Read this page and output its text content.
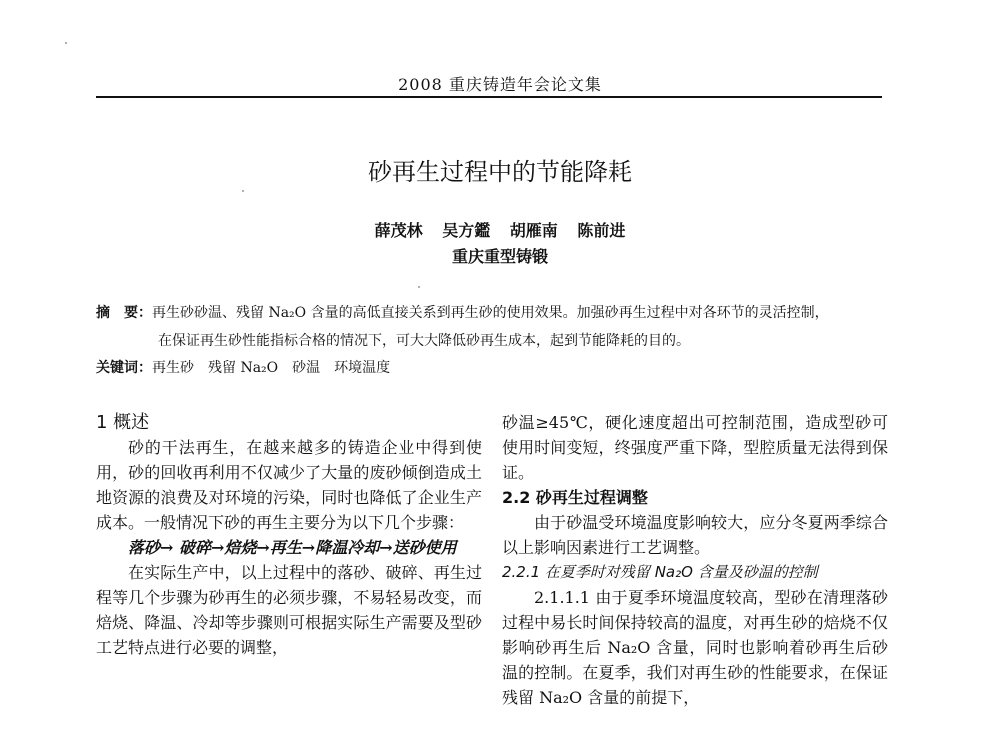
2008 重庆铸造年会论文集
砂再生过程中的节能降耗
薛茂林 吴方鑑 胡雁南 陈前进
重庆重型铸锻
摘　要：再生砂砂温、残留 Na₂O 含量的高低直接关系到再生砂的使用效果。加强砂再生过程中对各环节的灵活控制，
在保证再生砂性能指标合格的情况下，可大大降低砂再生成本，起到节能降耗的目的。
关键词：再生砂　残留 Na₂O　砂温　环境温度
1 概述

砂的干法再生，在越来越多的铸造企业中得到使用，砂的回收再利用不仅减少了大量的废砂倾倒造成土地资源的浪费及对环境的污染，同时也降低了企业生产成本。一般情况下砂的再生主要分为以下几个步骤：

落砂→ 破碎→焙烧→再生→降温冷却→送砂使用

在实际生产中，以上过程中的落砂、破碎、再生过程等几个步骤为砂再生的必须步骤，不易轻易改变，而焙烧、降温、冷却等步骤则可根据实际生产需要及型砂工艺特点进行必要的调整，

砂温≥45℃，硬化速度超出可控制范围，造成型砂可使用时间变短，终强度严重下降，型腔质量无法得到保证。

2.2 砂再生过程调整

由于砂温受环境温度影响较大，应分冬夏两季综合以上影响因素进行工艺调整。

2.2.1 在夏季时对残留 Na₂O 含量及砂温的控制

2.1.1.1 由于夏季环境温度较高，型砂在清理落砂过程中易长时间保持较高的温度，对再生砂的焙烧不仅影响砂再生后 Na₂O 含量，同时也影响着砂再生后砂温的控制。在夏季，我们对再生砂的性能要求，在保证残留 Na₂O 含量的前提下，
